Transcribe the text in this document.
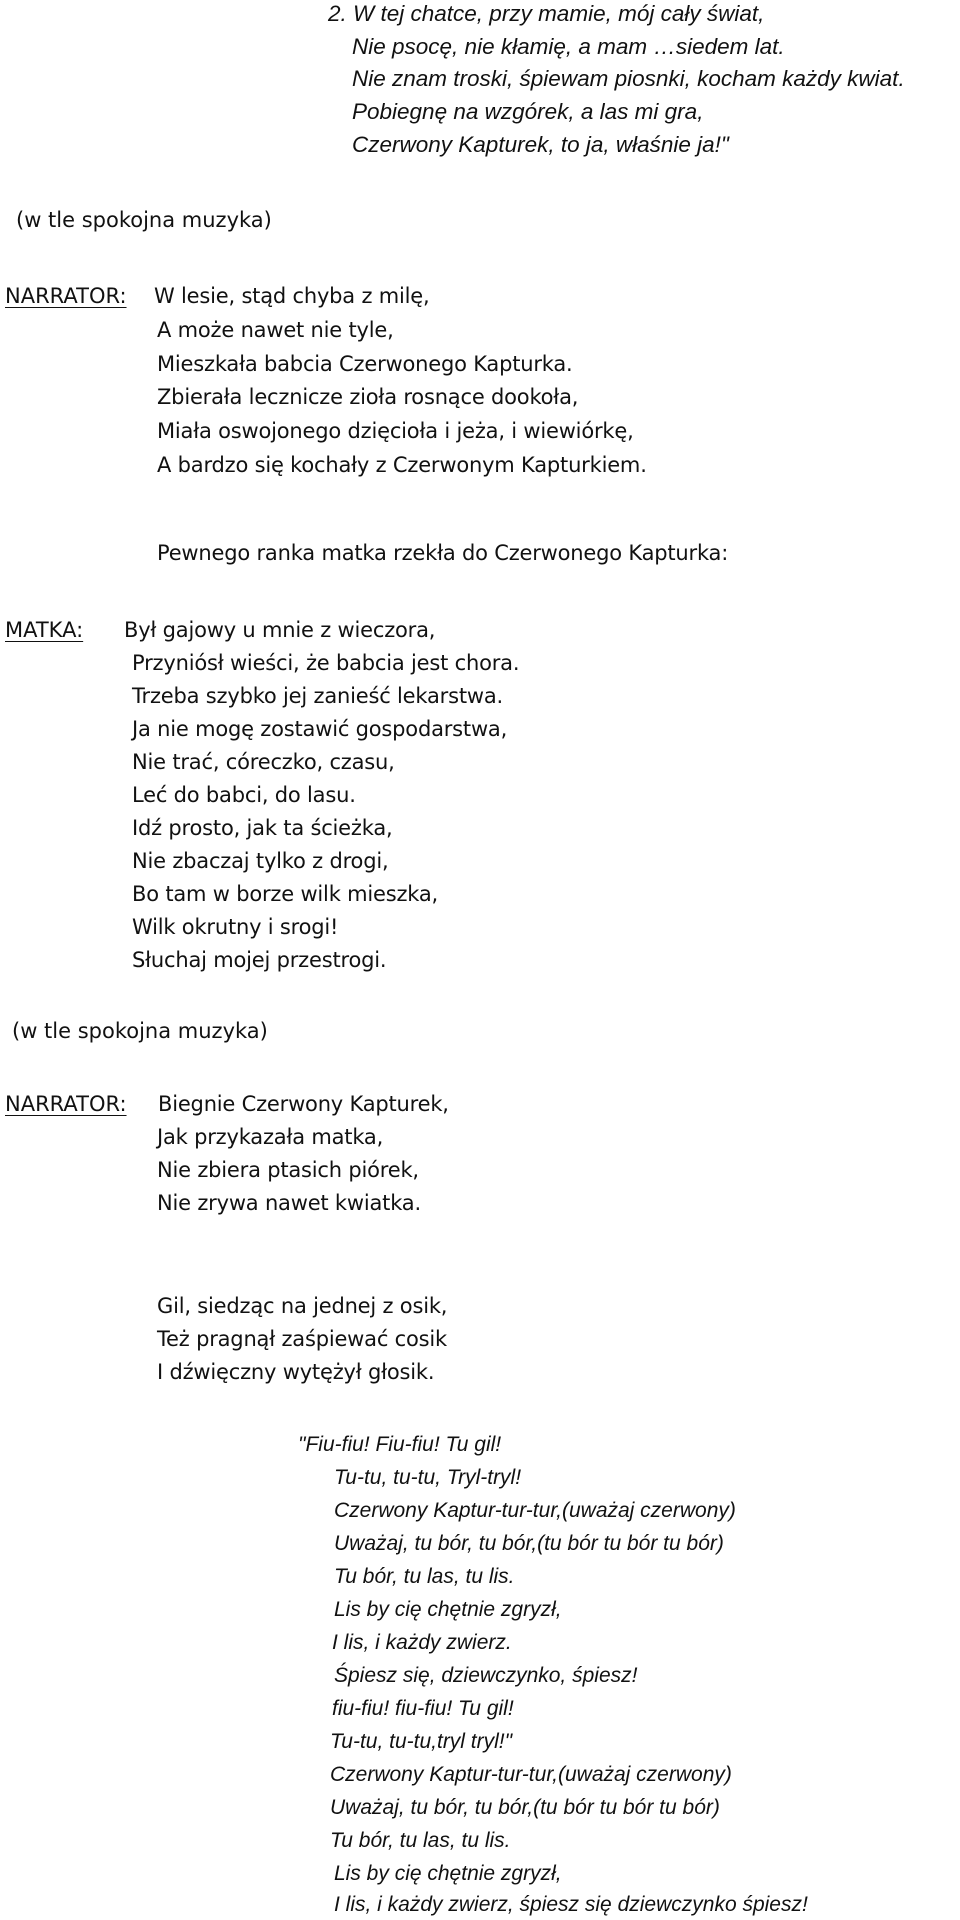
2. W tej chatce, przy mamie, mój cały świat,

Nie psocę, nie kłamię, a mam …siedem lat.

Nie znam troski, śpiewam piosnki, kocham każdy kwiat.

Pobiegnę na wzgórek, a las mi gra,

Czerwony Kapturek, to ja, właśnie ja!"

(w tle spokojna muzyka)

NARRATOR: W lesie, stąd chyba z milę,

A może nawet nie tyle,

Mieszkała babcia Czerwonego Kapturka.

Zbierała lecznicze zioła rosnące dookoła,

Miała oswojonego dzięcioła i jeża, i wiewiórkę,

A bardzo się kochały z Czerwonym Kapturkiem.

Pewnego ranka matka rzekła do Czerwonego Kapturka:

MATKA: Był gajowy u mnie z wieczora,

Przyniósł wieści, że babcia jest chora.

Trzeba szybko jej zanieść lekarstwa.

Ja nie mogę zostawić gospodarstwa,

Nie trać, córeczko, czasu,

Leć do babci, do lasu.

Idź prosto, jak ta ścieżka,

Nie zbaczaj tylko z drogi,

Bo tam w borze wilk mieszka,

Wilk okrutny i srogi!

Słuchaj mojej przestrogi.

(w tle spokojna muzyka)

NARRATOR: Biegnie Czerwony Kapturek,

Jak przykazała matka,

Nie zbiera ptasich piórek,

Nie zrywa nawet kwiatka.

Gil, siedząc na jednej z osik,

Też pragnął zaśpiewać cosik

I dźwięczny wytężył głosik.

"Fiu-fiu! Fiu-fiu! Tu gil!

Tu-tu, tu-tu, Tryl-tryl!

Czerwony Kaptur-tur-tur,(uważaj czerwony)

Uważaj, tu bór, tu bór,(tu bór tu bór tu bór)

Tu bór, tu las, tu lis.

Lis by cię chętnie zgryzł,

I lis, i każdy zwierz.

Śpiesz się, dziewczynko, śpiesz!

fiu-fiu! fiu-fiu! Tu gil!

Tu-tu, tu-tu,tryl tryl!"

Czerwony Kaptur-tur-tur,(uważaj czerwony)

Uważaj, tu bór, tu bór,(tu bór tu bór tu bór)

Tu bór, tu las, tu lis.

Lis by cię chętnie zgryzł,

I lis, i każdy zwierz, śpiesz się dziewczynko śpiesz!
